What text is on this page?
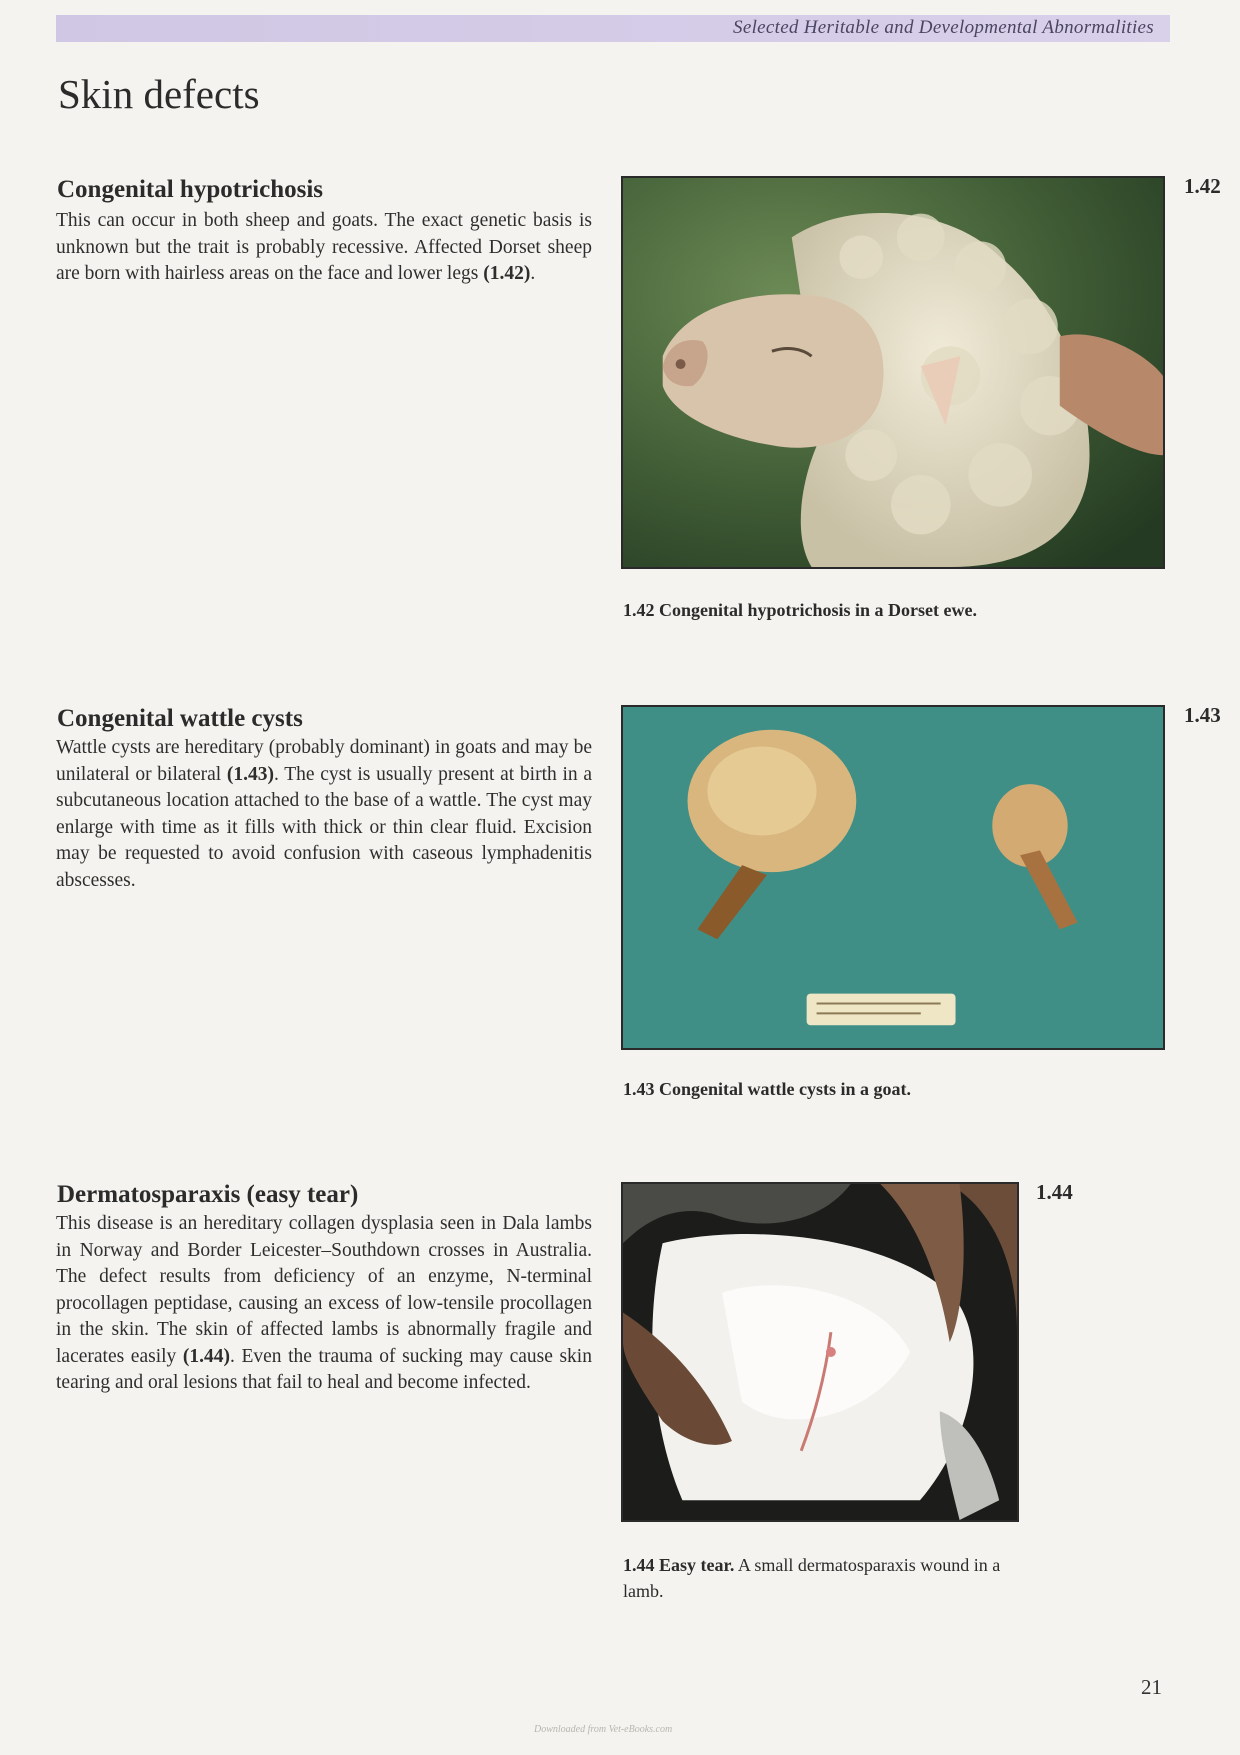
Selected Heritable and Developmental Abnormalities
Skin defects
Congenital hypotrichosis

This can occur in both sheep and goats. The exact genetic basis is unknown but the trait is probably recessive. Affected Dorset sheep are born with hairless areas on the face and lower legs (1.42).

1.42

1.42 Congenital hypotrichosis in a Dorset ewe.

Congenital wattle cysts

Wattle cysts are hereditary (probably dominant) in goats and may be unilateral or bilateral (1.43). The cyst is usually present at birth in a subcutaneous location attached to the base of a wattle. The cyst may enlarge with time as it fills with thick or thin clear fluid. Excision may be requested to avoid confusion with caseous lymphadenitis abscesses.

1.43

1.43 Congenital wattle cysts in a goat.

Dermatosparaxis (easy tear)

This disease is an hereditary collagen dysplasia seen in Dala lambs in Norway and Border Leicester–Southdown crosses in Australia. The defect results from deficiency of an enzyme, N-terminal procollagen peptidase, causing an excess of low-tensile procollagen in the skin. The skin of affected lambs is abnormally fragile and lacerates easily (1.44). Even the trauma of sucking may cause skin tearing and oral lesions that fail to heal and become infected.

1.44

1.44 Easy tear. A small dermatosparaxis wound in a lamb.

21
Downloaded from Vet-eBooks.com
